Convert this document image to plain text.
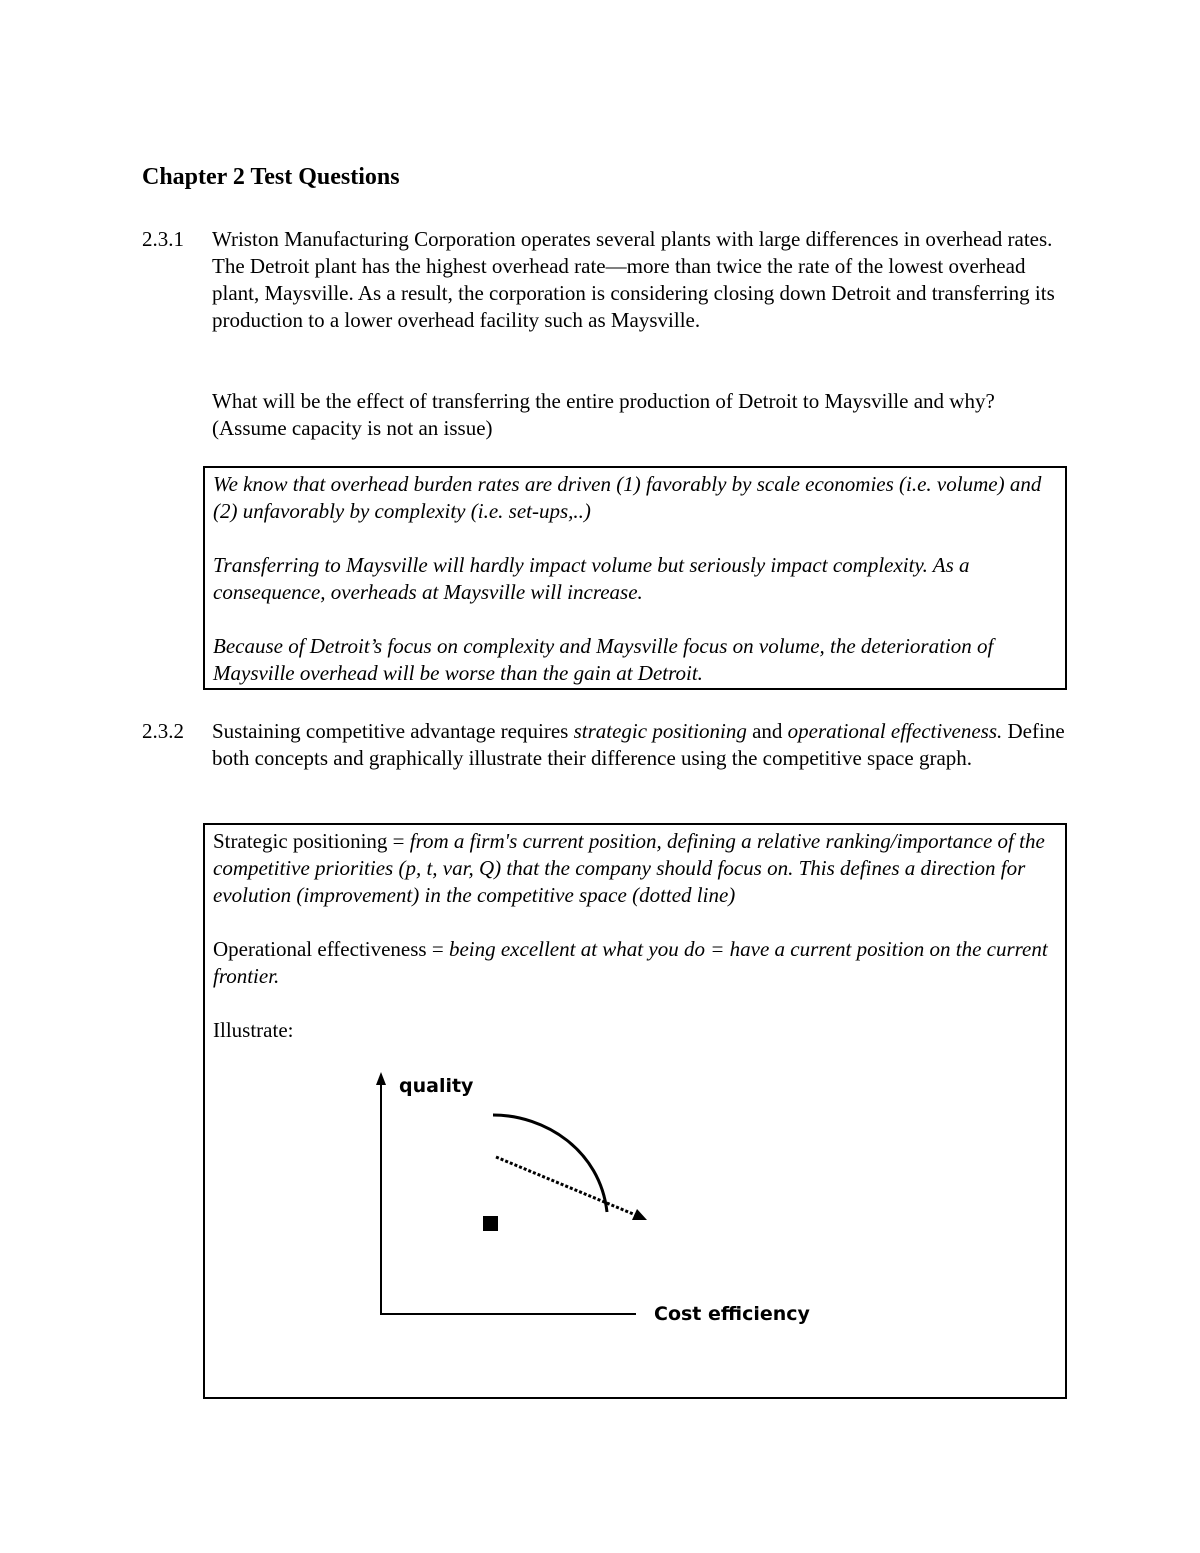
Chapter 2 Test Questions
2.3.1 Wriston Manufacturing Corporation operates several plants with large differences in overhead rates. The Detroit plant has the highest overhead rate—more than twice the rate of the lowest overhead plant, Maysville. As a result, the corporation is considering closing down Detroit and transferring its production to a lower overhead facility such as Maysville.

What will be the effect of transferring the entire production of Detroit to Maysville and why? (Assume capacity is not an issue)

We know that overhead burden rates are driven (1) favorably by scale economies (i.e. volume) and (2) unfavorably by complexity (i.e. set-ups,..)

Transferring to Maysville will hardly impact volume but seriously impact complexity. As a consequence, overheads at Maysville will increase.

Because of Detroit’s focus on complexity and Maysville focus on volume, the deterioration of Maysville overhead will be worse than the gain at Detroit.

2.3.2 Sustaining competitive advantage requires strategic positioning and operational effectiveness. Define both concepts and graphically illustrate their difference using the competitive space graph.

Strategic positioning = from a firm's current position, defining a relative ranking/importance of the competitive priorities (p, t, var, Q) that the company should focus on. This defines a direction for evolution (improvement) in the competitive space (dotted line)

Operational effectiveness = being excellent at what you do = have a current position on the current frontier.

Illustrate:

quality
Cost efficiency
